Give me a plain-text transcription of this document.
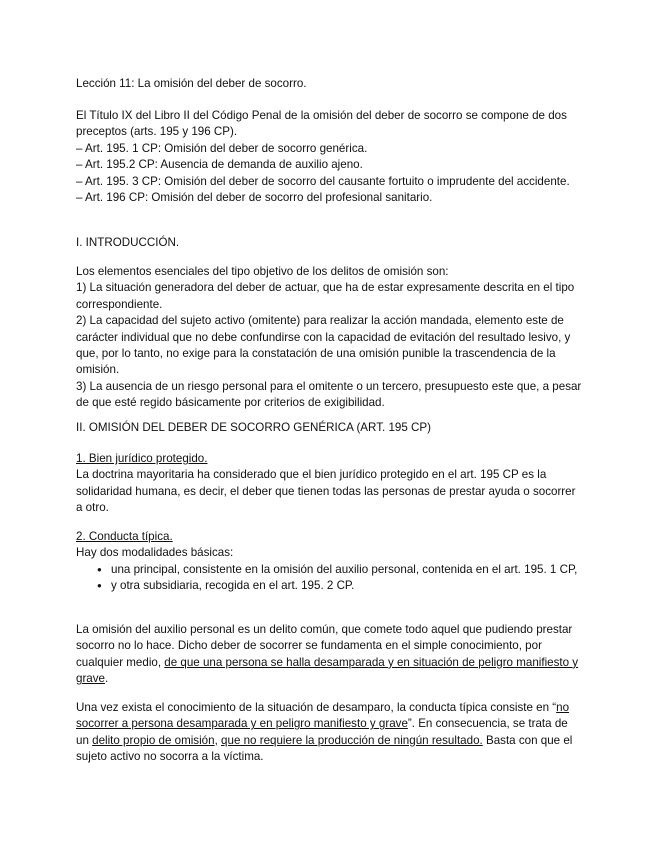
Lección 11: La omisión del deber de socorro.

El Título IX del Libro II del Código Penal de la omisión del deber de socorro se compone de dos preceptos (arts. 195 y 196 CP).

– Art. 195. 1 CP: Omisión del deber de socorro genérica.

– Art. 195.2 CP: Ausencia de demanda de auxilio ajeno.

– Art. 195. 3 CP: Omisión del deber de socorro del causante fortuito o imprudente del accidente.

– Art. 196 CP: Omisión del deber de socorro del profesional sanitario.

I. INTRODUCCIÓN.

Los elementos esenciales del tipo objetivo de los delitos de omisión son:

1) La situación generadora del deber de actuar, que ha de estar expresamente descrita en el tipo correspondiente.

2) La capacidad del sujeto activo (omitente) para realizar la acción mandada, elemento este de carácter individual que no debe confundirse con la capacidad de evitación del resultado lesivo, y que, por lo tanto, no exige para la constatación de una omisión punible la trascendencia de la omisión.

3) La ausencia de un riesgo personal para el omitente o un tercero, presupuesto este que, a pesar de que esté regido básicamente por criterios de exigibilidad.

II. OMISIÓN DEL DEBER DE SOCORRO GENÉRICA (ART. 195 CP)

1. Bien jurídico protegido.

La doctrina mayoritaria ha considerado que el bien jurídico protegido en el art. 195 CP es la solidaridad humana, es decir, el deber que tienen todas las personas de prestar ayuda o socorrer a otro.

2. Conducta típica.

Hay dos modalidades básicas:

● una principal, consistente en la omisión del auxilio personal, contenida en el art. 195. 1 CP,
● y otra subsidiaria, recogida en el art. 195. 2 CP.

La omisión del auxilio personal es un delito común, que comete todo aquel que pudiendo prestar socorro no lo hace. Dicho deber de socorrer se fundamenta en el simple conocimiento, por cualquier medio, de que una persona se halla desamparada y en situación de peligro manifiesto y grave.

Una vez exista el conocimiento de la situación de desamparo, la conducta típica consiste en “no socorrer a persona desamparada y en peligro manifiesto y grave”. En consecuencia, se trata de un delito propio de omisión, que no requiere la producción de ningún resultado. Basta con que el sujeto activo no socorra a la víctima.
